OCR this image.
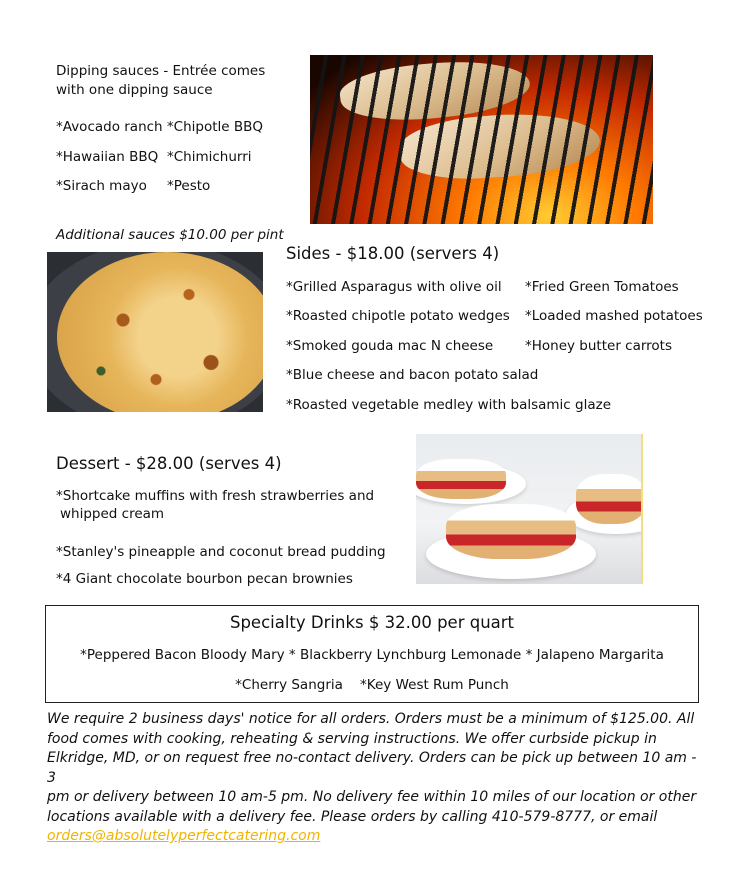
Dipping sauces - Entrée comes
with one dipping sauce
*Avocado ranch *Chipotle BBQ
*Hawaiian BBQ *Chimichurri
*Sirach mayo *Pesto
Additional sauces $10.00 per pint
Sides - $18.00 (servers 4)
*Grilled Asparagus with olive oil
*Roasted chipotle potato wedges
*Smoked gouda mac N cheese
*Fried Green Tomatoes
*Loaded mashed potatoes
*Honey butter carrots
*Blue cheese and bacon potato salad
*Roasted vegetable medley with balsamic glaze
Dessert - $28.00 (serves 4)
*Shortcake muffins with fresh strawberries and
whipped cream
*Stanley's pineapple and coconut bread pudding
*4 Giant chocolate bourbon pecan brownies
Specialty Drinks $ 32.00 per quart
*Peppered Bacon Bloody Mary * Blackberry Lynchburg Lemonade * Jalapeno Margarita
*Cherry Sangria    *Key West Rum Punch
We require 2 business days' notice for all orders. Orders must be a minimum of $125.00. All
food comes with cooking, reheating & serving instructions. We offer curbside pickup in
Elkridge, MD, or on request free no-contact delivery. Orders can be pick up between 10 am - 3
pm or delivery between 10 am-5 pm. No delivery fee within 10 miles of our location or other
locations available with a delivery fee. Please orders by calling 410-579-8777, or email
orders@absolutelyperfectcatering.com
